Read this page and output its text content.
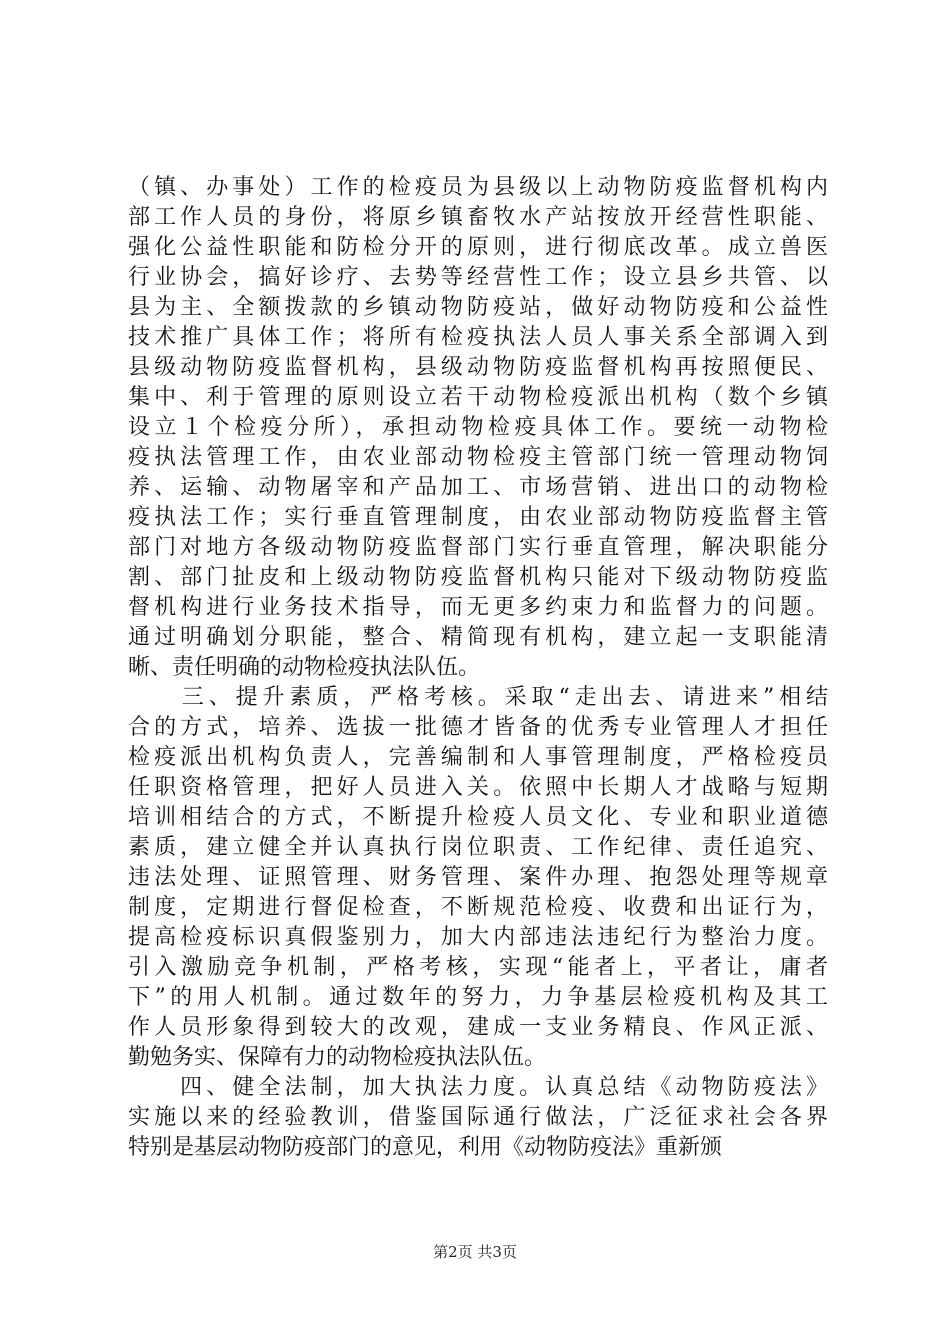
（镇、办事处）工作的检疫员为县级以上动物防疫监督机构内
部工作人员的身份，将原乡镇畜牧水产站按放开经营性职能、
强化公益性职能和防检分开的原则，进行彻底改革。成立兽医
行业协会，搞好诊疗、去势等经营性工作；设立县乡共管、以
县为主、全额拨款的乡镇动物防疫站，做好动物防疫和公益性
技术推广具体工作；将所有检疫执法人员人事关系全部调入到
县级动物防疫监督机构，县级动物防疫监督机构再按照便民、
集中、利于管理的原则设立若干动物检疫派出机构（数个乡镇
设立１个检疫分所），承担动物检疫具体工作。要统一动物检
疫执法管理工作，由农业部动物检疫主管部门统一管理动物饲
养、运输、动物屠宰和产品加工、市场营销、进出口的动物检
疫执法工作；实行垂直管理制度，由农业部动物防疫监督主管
部门对地方各级动物防疫监督部门实行垂直管理，解决职能分
割、部门扯皮和上级动物防疫监督机构只能对下级动物防疫监
督机构进行业务技术指导，而无更多约束力和监督力的问题。
通过明确划分职能，整合、精简现有机构，建立起一支职能清
晰、责任明确的动物检疫执法队伍。
　　三、提升素质，严格考核。采取“走出去、请进来”相结
合的方式，培养、选拔一批德才皆备的优秀专业管理人才担任
检疫派出机构负责人，完善编制和人事管理制度，严格检疫员
任职资格管理，把好人员进入关。依照中长期人才战略与短期
培训相结合的方式，不断提升检疫人员文化、专业和职业道德
素质，建立健全并认真执行岗位职责、工作纪律、责任追究、
违法处理、证照管理、财务管理、案件办理、抱怨处理等规章
制度，定期进行督促检查，不断规范检疫、收费和出证行为，
提高检疫标识真假鉴别力，加大内部违法违纪行为整治力度。
引入激励竞争机制，严格考核，实现“能者上，平者让，庸者
下”的用人机制。通过数年的努力，力争基层检疫机构及其工
作人员形象得到较大的改观，建成一支业务精良、作风正派、
勤勉务实、保障有力的动物检疫执法队伍。
　　四、健全法制，加大执法力度。认真总结《动物防疫法》
实施以来的经验教训，借鉴国际通行做法，广泛征求社会各界
特别是基层动物防疫部门的意见，利用《动物防疫法》重新颁
第2页 共3页
